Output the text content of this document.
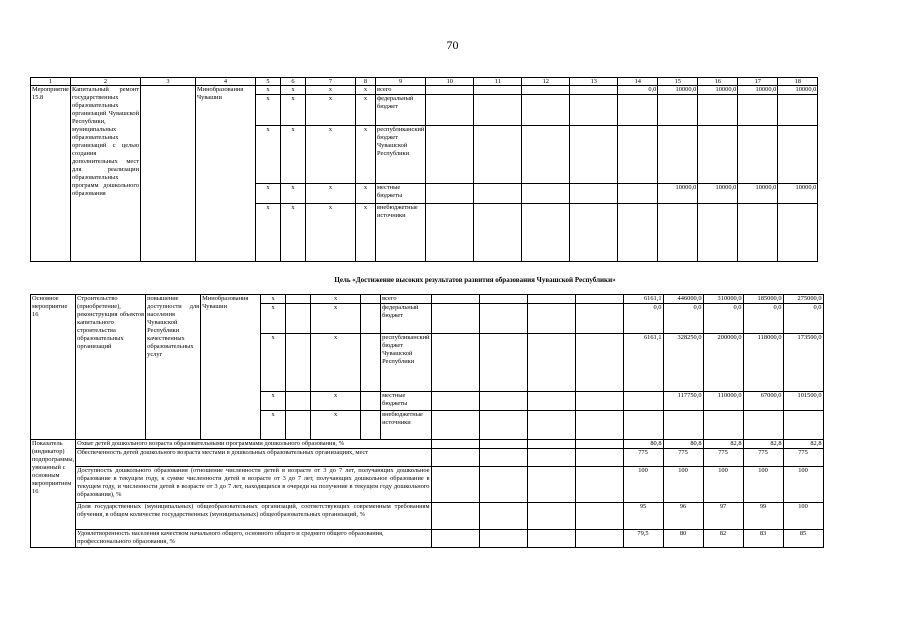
70
1	2	3	4	5	6	7	8	9	10	11	12	13	14	15	16	17	18
Мероприятие 15.8	Капитальный ремонт государственных образовательных организаций Чувашской Республики, муниципальных образовательных организаций с целью создания дополнительных мест для реализации образовательных программ дошкольного образования		Минобразования Чувашии	x	x	x	x	всего					0,0	10000,0	10000,0	10000,0	10000,0
				x	x	x	x	федеральный бюджет									
				x	x	x	x	республиканский бюджет Чувашской Республики									
				x	x	x	x	местные бюджеты						10000,0	10000,0	10000,0	10000,0
				x	x	x	x	внебюджетные источники									
Цель «Достижение высоких результатов развития образования Чувашской Республики»
Основное мероприятие 16	Строительство (приобретение), реконструкция объектов капитального строительства образовательных организаций	повышение доступности для населения Чувашской Республики качественных образовательных услуг	Минобразования Чувашии	x		x		всего					6161,1	446000,0	310000,0	185000,0	275000,0
				x		x		федеральный бюджет					0,0	0,0	0,0	0,0	0,0
				x		x		республиканский бюджет Чувашской Республики					6161,1	328250,0	200000,0	118000,0	173500,0
				x		x		местные бюджеты						117750,0	110000,0	67000,0	101500,0
				x		x		внебюджетные источники									
Показатель (индикатор) подпрограммы, увязанный с основным мероприятием 16	Охват детей дошкольного возраста образовательными программами дошкольного образования, %												80,8	80,8	82,8	82,8	82,8
	Обеспеченность детей дошкольного возраста местами в дошкольных образовательных организациях, мест												775	775	775	775	775
	Доступность дошкольного образования (отношение численности детей в возрасте от 3 до 7 лет, получающих дошкольное образование в текущем году, к сумме численности детей в возрасте от 3 до 7 лет, получающих дошкольное образование в текущем году, и численности детей в возрасте от 3 до 7 лет, находящихся в очереди на получение в текущем году дошкольного образования), %												100	100	100	100	100
	Доля государственных (муниципальных) общеобразовательных организаций, соответствующих современным требованиям обучения, в общем количестве государственных (муниципальных) общеобразовательных организаций, %												95	96	97	99	100
	Удовлетворенность населения качеством начального общего, основного общего и среднего общего образования, профессионального образования, %												79,5	80	82	83	85
